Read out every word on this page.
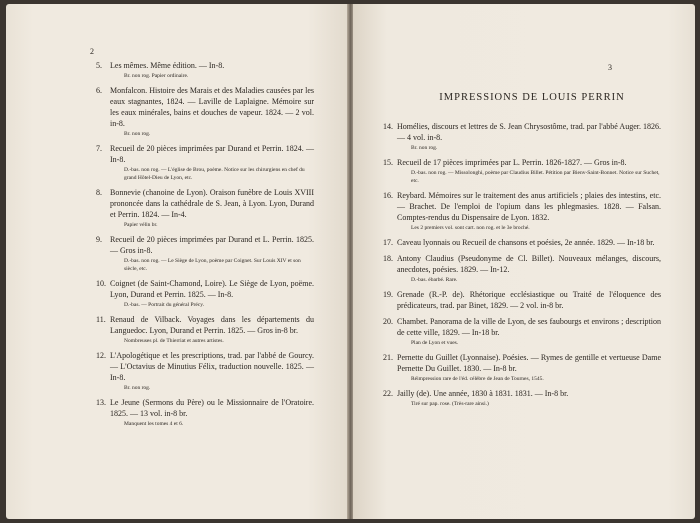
2
5. Les mêmes. Même édition. — In-8.
Br. non rog. Papier ordinaire.
6. Monfalcon. Histoire des Marais et des Maladies causées par les eaux stagnantes, 1824. — Laville de Laplaigne. Mémoire sur les eaux minérales, bains et douches de vapeur. 1824. — 2 vol. in-8.
Br. non rog.
7. Recueil de 20 pièces imprimées par Durand et Perrin. 1824. — In-8.
D.-bas. non rog. — L'église de Brou, poème. Notice sur les chirurgiens en chef du grand Hôtel-Dieu de Lyon, etc.
8. Bonnevie (chanoine de Lyon). Oraison funèbre de Louis XVIII prononcée dans la cathédrale de S. Jean, à Lyon. Lyon, Durand et Perrin. 1824. — In-4.
Papier vélin br.
9. Recueil de 20 pièces imprimées par Durand et L. Perrin. 1825. — Gros in-8.
D.-bas. non rog. — Le Siège de Lyon, poème par Coignet. Sur Louis XIV et son siècle, etc.
10. Coignet (de Saint-Chamond, Loire). Le Siège de Lyon, poëme. Lyon, Durand et Perrin. 1825. — In-8.
D.-bas. — Portrait du général Précy.
11. Renaud de Vilback. Voyages dans les départements du Languedoc. Lyon, Durand et Perrin. 1825. — Gros in-8 br.
Nombreuses pl. de Thierriat et autres artistes.
12. L'Apologétique et les prescriptions, trad. par l'abbé de Gourcy. — L'Octavius de Minutius Félix, traduction nouvelle. 1825. — In-8.
Br. non rog.
13. Le Jeune (Sermons du Père) ou le Missionnaire de l'Oratoire. 1825. — 13 vol. in-8 br.
Manquent les tomes 4 et 6.
3
IMPRESSIONS DE LOUIS PERRIN
14. Homélies, discours et lettres de S. Jean Chrysostôme, trad. par l'abbé Auger. 1826. — 4 vol. in-8.
Br. non rog.
15. Recueil de 17 pièces imprimées par L. Perrin. 1826-1827. — Gros in-8.
D.-bas. non rog. — Missolonghi, poème par Claudius Billet. Pétition par Bienv-Saint-Bonnet. Notice sur Suchet, etc.
16. Reybard. Mémoires sur le traitement des anus artificiels ; plaies des intestins, etc. — Brachet. De l'emploi de l'opium dans les phlegmasies. 1828. — Falsan. Comptes-rendus du Dispensaire de Lyon. 1832.
Les 2 premiers vol. sont cart. non rog. et le 3e broché.
17. Caveau lyonnais ou Recueil de chansons et poésies, 2e année. 1829. — In-18 br.
18. Antony Claudius (Pseudonyme de Cl. Billet). Nouveaux mélanges, discours, anecdotes, poésies. 1829. — In-12.
D.-bas. ébarbé. Rare.
19. Grenade (R.-P. de). Rhétorique ecclésiastique ou Traité de l'éloquence des prédicateurs, trad. par Binet, 1829. — 2 vol. in-8 br.
20. Chambet. Panorama de la ville de Lyon, de ses faubourgs et environs ; description de cette ville, 1829. — In-18 br.
Plan de Lyon et vues.
21. Pernette du Guillet (Lyonnaise). Poésies. — Rymes de gentille et vertueuse Dame Pernette Du Guillet. 1830. — In-8 br.
Réimpression rare de l'éd. célèbre de Jean de Tournes, 1545.
22. Jailly (de). Une année, 1830 à 1831. 1831. — In-8 br.
Tiré sur pap. rose. (Très-rare ainsi.)
